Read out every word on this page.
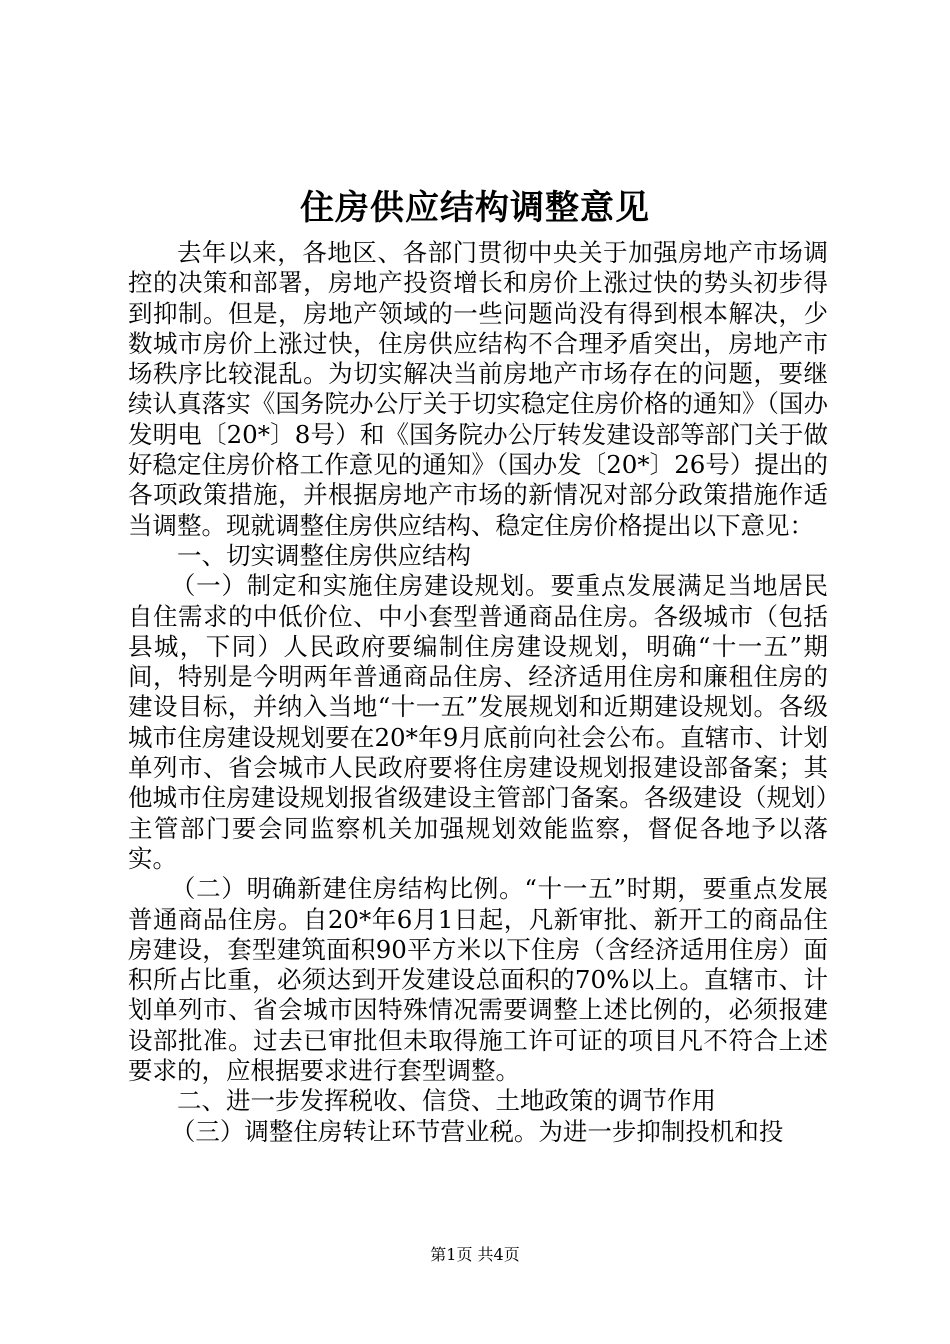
住房供应结构调整意见

去年以来，各地区、各部门贯彻中央关于加强房地产市场调控的决策和部署，房地产投资增长和房价上涨过快的势头初步得到抑制。但是，房地产领域的一些问题尚没有得到根本解决，少数城市房价上涨过快，住房供应结构不合理矛盾突出，房地产市场秩序比较混乱。为切实解决当前房地产市场存在的问题，要继续认真落实《国务院办公厅关于切实稳定住房价格的通知》（国办发明电〔20*〕8号）和《国务院办公厅转发建设部等部门关于做好稳定住房价格工作意见的通知》（国办发〔20*〕26号）提出的各项政策措施，并根据房地产市场的新情况对部分政策措施作适当调整。现就调整住房供应结构、稳定住房价格提出以下意见：

一、切实调整住房供应结构

（一）制定和实施住房建设规划。要重点发展满足当地居民自住需求的中低价位、中小套型普通商品住房。各级城市（包括县城，下同）人民政府要编制住房建设规划，明确“十一五”期间，特别是今明两年普通商品住房、经济适用住房和廉租住房的建设目标，并纳入当地“十一五”发展规划和近期建设规划。各级城市住房建设规划要在20*年9月底前向社会公布。直辖市、计划单列市、省会城市人民政府要将住房建设规划报建设部备案；其他城市住房建设规划报省级建设主管部门备案。各级建设（规划）主管部门要会同监察机关加强规划效能监察，督促各地予以落实。

（二）明确新建住房结构比例。“十一五”时期，要重点发展普通商品住房。自20*年6月1日起，凡新审批、新开工的商品住房建设，套型建筑面积90平方米以下住房（含经济适用住房）面积所占比重，必须达到开发建设总面积的70%以上。直辖市、计划单列市、省会城市因特殊情况需要调整上述比例的，必须报建设部批准。过去已审批但未取得施工许可证的项目凡不符合上述要求的，应根据要求进行套型调整。

二、进一步发挥税收、信贷、土地政策的调节作用

（三）调整住房转让环节营业税。为进一步抑制投机和投

第1页 共4页
